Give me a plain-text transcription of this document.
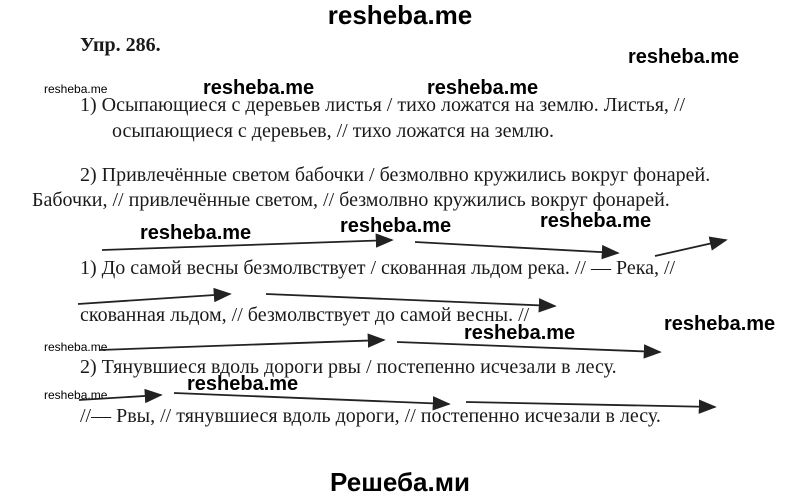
resheba.me
Упр. 286.
resheba.me	resheba.me	resheba.me
resheba.me
resheba.me	resheba.me	resheba.me
resheba.me
resheba.me	resheba.me
resheba.me	resheba.me
1) Осыпающиеся с деревьев листья / тихо ложатся на землю. Листья, //
осыпающиеся с деревьев, // тихо ложатся на землю.
2) Привлечённые светом бабочки / безмолвно кружились вокруг фонарей.
Бабочки, // привлечённые светом, // безмолвно кружились вокруг фонарей.
1) До самой весны безмолвствует / скованная льдом река. // — Река, //
скованная льдом, // безмолвствует до самой весны. //
2) Тянувшиеся вдоль дороги рвы / постепенно исчезали в лесу.
//— Рвы, // тянувшиеся вдоль дороги, // постепенно исчезали в лесу.
Решеба.ми
